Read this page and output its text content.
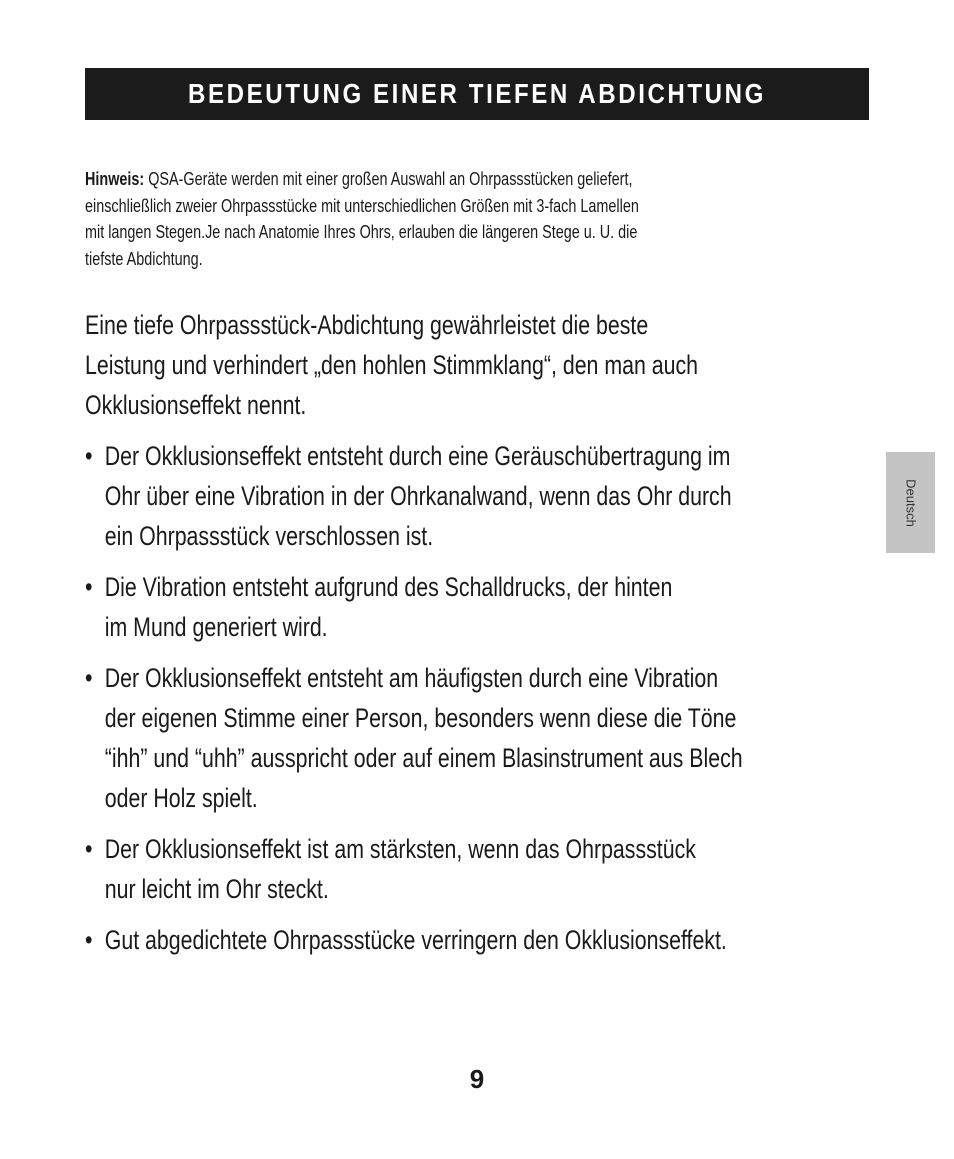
BEDEUTUNG EINER TIEFEN ABDICHTUNG
Hinweis: QSA-Geräte werden mit einer großen Auswahl an Ohrpassstücken geliefert,
einschließlich zweier Ohrpassstücke mit unterschiedlichen Größen mit 3-fach Lamellen
mit langen Stegen.Je nach Anatomie Ihres Ohrs, erlauben die längeren Stege u. U. die
tiefste Abdichtung.

Eine tiefe Ohrpassstück-Abdichtung gewährleistet die beste
Leistung und verhindert „den hohlen Stimmklang“, den man auch
Okklusionseffekt nennt.

• Der Okklusionseffekt entsteht durch eine Geräuschübertragung im
Ohr über eine Vibration in der Ohrkanalwand, wenn das Ohr durch
ein Ohrpassstück verschlossen ist.
• Die Vibration entsteht aufgrund des Schalldrucks, der hinten
im Mund generiert wird.
• Der Okklusionseffekt entsteht am häufigsten durch eine Vibration
der eigenen Stimme einer Person, besonders wenn diese die Töne
“ihh” und “uhh” ausspricht oder auf einem Blasinstrument aus Blech
oder Holz spielt.
• Der Okklusionseffekt ist am stärksten, wenn das Ohrpassstück
nur leicht im Ohr steckt.
• Gut abgedichtete Ohrpassstücke verringern den Okklusionseffekt.
Deutsch
9
